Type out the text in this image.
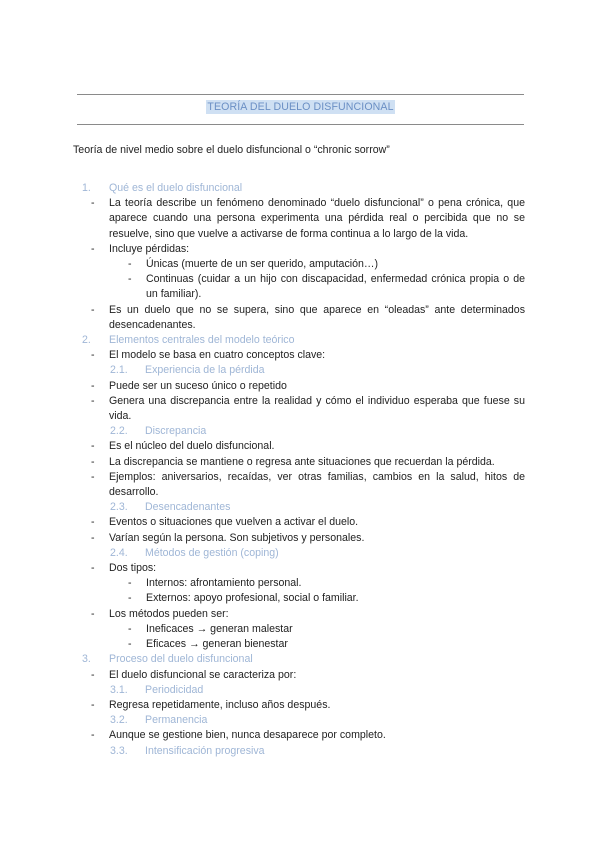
TEORÍA DEL DUELO DISFUNCIONAL
Teoría de nivel medio sobre el duelo disfuncional o “chronic sorrow”
1. Qué es el duelo disfuncional

- La teoría describe un fenómeno denominado “duelo disfuncional” o pena crónica, que aparece cuando una persona experimenta una pérdida real o percibida que no se resuelve, sino que vuelve a activarse de forma continua a lo largo de la vida.
- Incluye pérdidas:
- Únicas (muerte de un ser querido, amputación…)
- Continuas (cuidar a un hijo con discapacidad, enfermedad crónica propia o de un familiar).
- Es un duelo que no se supera, sino que aparece en “oleadas” ante determinados desencadenantes.
2. Elementos centrales del modelo teórico

- El modelo se basa en cuatro conceptos clave:
2.1. Experiencia de la pérdida

- Puede ser un suceso único o repetido
- Genera una discrepancia entre la realidad y cómo el individuo esperaba que fuese su vida.
2.2. Discrepancia

- Es el núcleo del duelo disfuncional.
- La discrepancia se mantiene o regresa ante situaciones que recuerdan la pérdida.
- Ejemplos: aniversarios, recaídas, ver otras familias, cambios en la salud, hitos de desarrollo.
2.3. Desencadenantes

- Eventos o situaciones que vuelven a activar el duelo.
- Varían según la persona. Son subjetivos y personales.
2.4. Métodos de gestión (coping)

- Dos tipos:
- Internos: afrontamiento personal.
- Externos: apoyo profesional, social o familiar.
- Los métodos pueden ser:
- Ineficaces → generan malestar
- Eficaces → generan bienestar
3. Proceso del duelo disfuncional

- El duelo disfuncional se caracteriza por:
3.1. Periodicidad

- Regresa repetidamente, incluso años después.
3.2. Permanencia

- Aunque se gestione bien, nunca desaparece por completo.
3.3. Intensificación progresiva
